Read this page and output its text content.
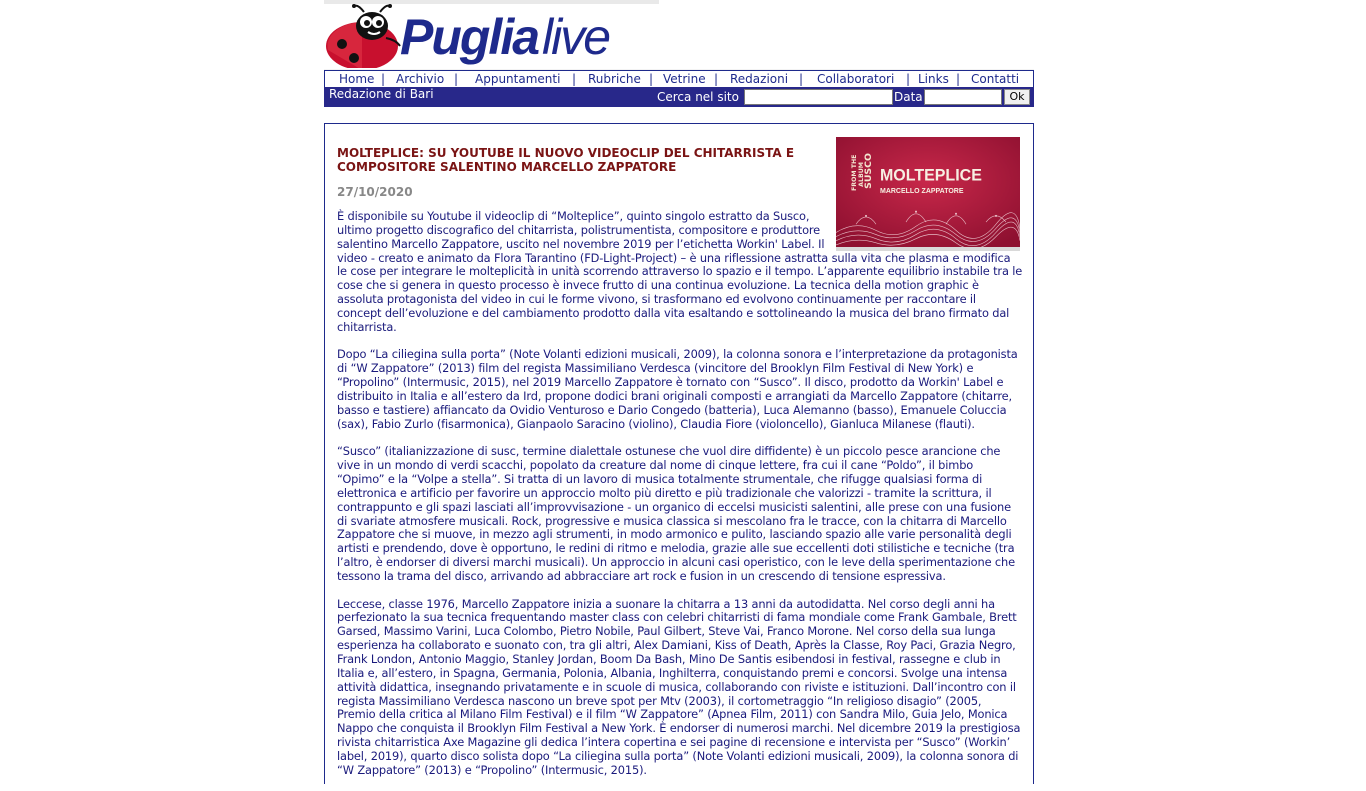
Puglialive
Home | Archivio | Appuntamenti | Rubriche | Vetrine | Redazioni | Collaboratori | Links | Contatti
Redazione di Bari	Cerca nel sito	Data	Ok
FROM THE ALBUM
SUSCO MOLTEPLICE
MARCELLO ZAPPATORE
MOLTEPLICE: SU YOUTUBE IL NUOVO VIDEOCLIP DEL CHITARRISTA E COMPOSITORE SALENTINO MARCELLO ZAPPATORE
27/10/2020

È disponibile su Youtube il videoclip di “Molteplice”, quinto singolo estratto da Susco, ultimo progetto discografico del chitarrista, polistrumentista, compositore e produttore salentino Marcello Zappatore, uscito nel novembre 2019 per l’etichetta Workin' Label. Il
video - creato e animato da Flora Tarantino (FD-Light-Project) – è una riflessione astratta sulla vita che plasma e modifica le cose per integrare le molteplicità in unità scorrendo attraverso lo spazio e il tempo. L’apparente equilibrio instabile tra le cose che si genera in questo processo è invece frutto di una continua evoluzione. La tecnica della motion graphic è assoluta protagonista del video in cui le forme vivono, si trasformano ed evolvono continuamente per raccontare il concept dell’evoluzione e del cambiamento prodotto dalla vita esaltando e sottolineando la musica del brano firmato dal chitarrista.

Dopo “La ciliegina sulla porta” (Note Volanti edizioni musicali, 2009), la colonna sonora e l’interpretazione da protagonista di “W Zappatore” (2013) film del regista Massimiliano Verdesca (vincitore del Brooklyn Film Festival di New York) e “Propolino” (Intermusic, 2015), nel 2019 Marcello Zappatore è tornato con “Susco”. Il disco, prodotto da Workin' Label e distribuito in Italia e all’estero da Ird, propone dodici brani originali composti e arrangiati da Marcello Zappatore (chitarre, basso e tastiere) affiancato da Ovidio Venturoso e Dario Congedo (batteria), Luca Alemanno (basso), Emanuele Coluccia (sax), Fabio Zurlo (fisarmonica), Gianpaolo Saracino (violino), Claudia Fiore (violoncello), Gianluca Milanese (flauti).

“Susco” (italianizzazione di susc, termine dialettale ostunese che vuol dire diffidente) è un piccolo pesce arancione che vive in un mondo di verdi scacchi, popolato da creature dal nome di cinque lettere, fra cui il cane “Poldo”, il bimbo “Opimo” e la “Volpe a stella”. Si tratta di un lavoro di musica totalmente strumentale, che rifugge qualsiasi forma di elettronica e artificio per favorire un approccio molto più diretto e più tradizionale che valorizzi - tramite la scrittura, il contrappunto e gli spazi lasciati all’improvvisazione - un organico di eccelsi musicisti salentini, alle prese con una fusione di svariate atmosfere musicali. Rock, progressive e musica classica si mescolano fra le tracce, con la chitarra di Marcello Zappatore che si muove, in mezzo agli strumenti, in modo armonico e pulito, lasciando spazio alle varie personalità degli artisti e prendendo, dove è opportuno, le redini di ritmo e melodia, grazie alle sue eccellenti doti stilistiche e tecniche (tra l’altro, è endorser di diversi marchi musicali). Un approccio in alcuni casi operistico, con le leve della sperimentazione che tessono la trama del disco, arrivando ad abbracciare art rock e fusion in un crescendo di tensione espressiva.

Leccese, classe 1976, Marcello Zappatore inizia a suonare la chitarra a 13 anni da autodidatta. Nel corso degli anni ha perfezionato la sua tecnica frequentando master class con celebri chitarristi di fama mondiale come Frank Gambale, Brett Garsed, Massimo Varini, Luca Colombo, Pietro Nobile, Paul Gilbert, Steve Vai, Franco Morone. Nel corso della sua lunga esperienza ha collaborato e suonato con, tra gli altri, Alex Damiani, Kiss of Death, Après la Classe, Roy Paci, Grazia Negro, Frank London, Antonio Maggio, Stanley Jordan, Boom Da Bash, Mino De Santis esibendosi in festival, rassegne e club in Italia e, all’estero, in Spagna, Germania, Polonia, Albania, Inghilterra, conquistando premi e concorsi. Svolge una intensa attività didattica, insegnando privatamente e in scuole di musica, collaborando con riviste e istituzioni. Dall’incontro con il regista Massimiliano Verdesca nascono un breve spot per Mtv (2003), il cortometraggio “In religioso disagio” (2005, Premio della critica al Milano Film Festival) e il film “W Zappatore” (Apnea Film, 2011) con Sandra Milo, Guia Jelo, Monica Nappo che conquista il Brooklyn Film Festival a New York. È endorser di numerosi marchi. Nel dicembre 2019 la prestigiosa rivista chitarristica Axe Magazine gli dedica l’intera copertina e sei pagine di recensione e intervista per “Susco” (Workin’ label, 2019), quarto disco solista dopo “La ciliegina sulla porta” (Note Volanti edizioni musicali, 2009), la colonna sonora di “W Zappatore” (2013) e “Propolino” (Intermusic, 2015).
